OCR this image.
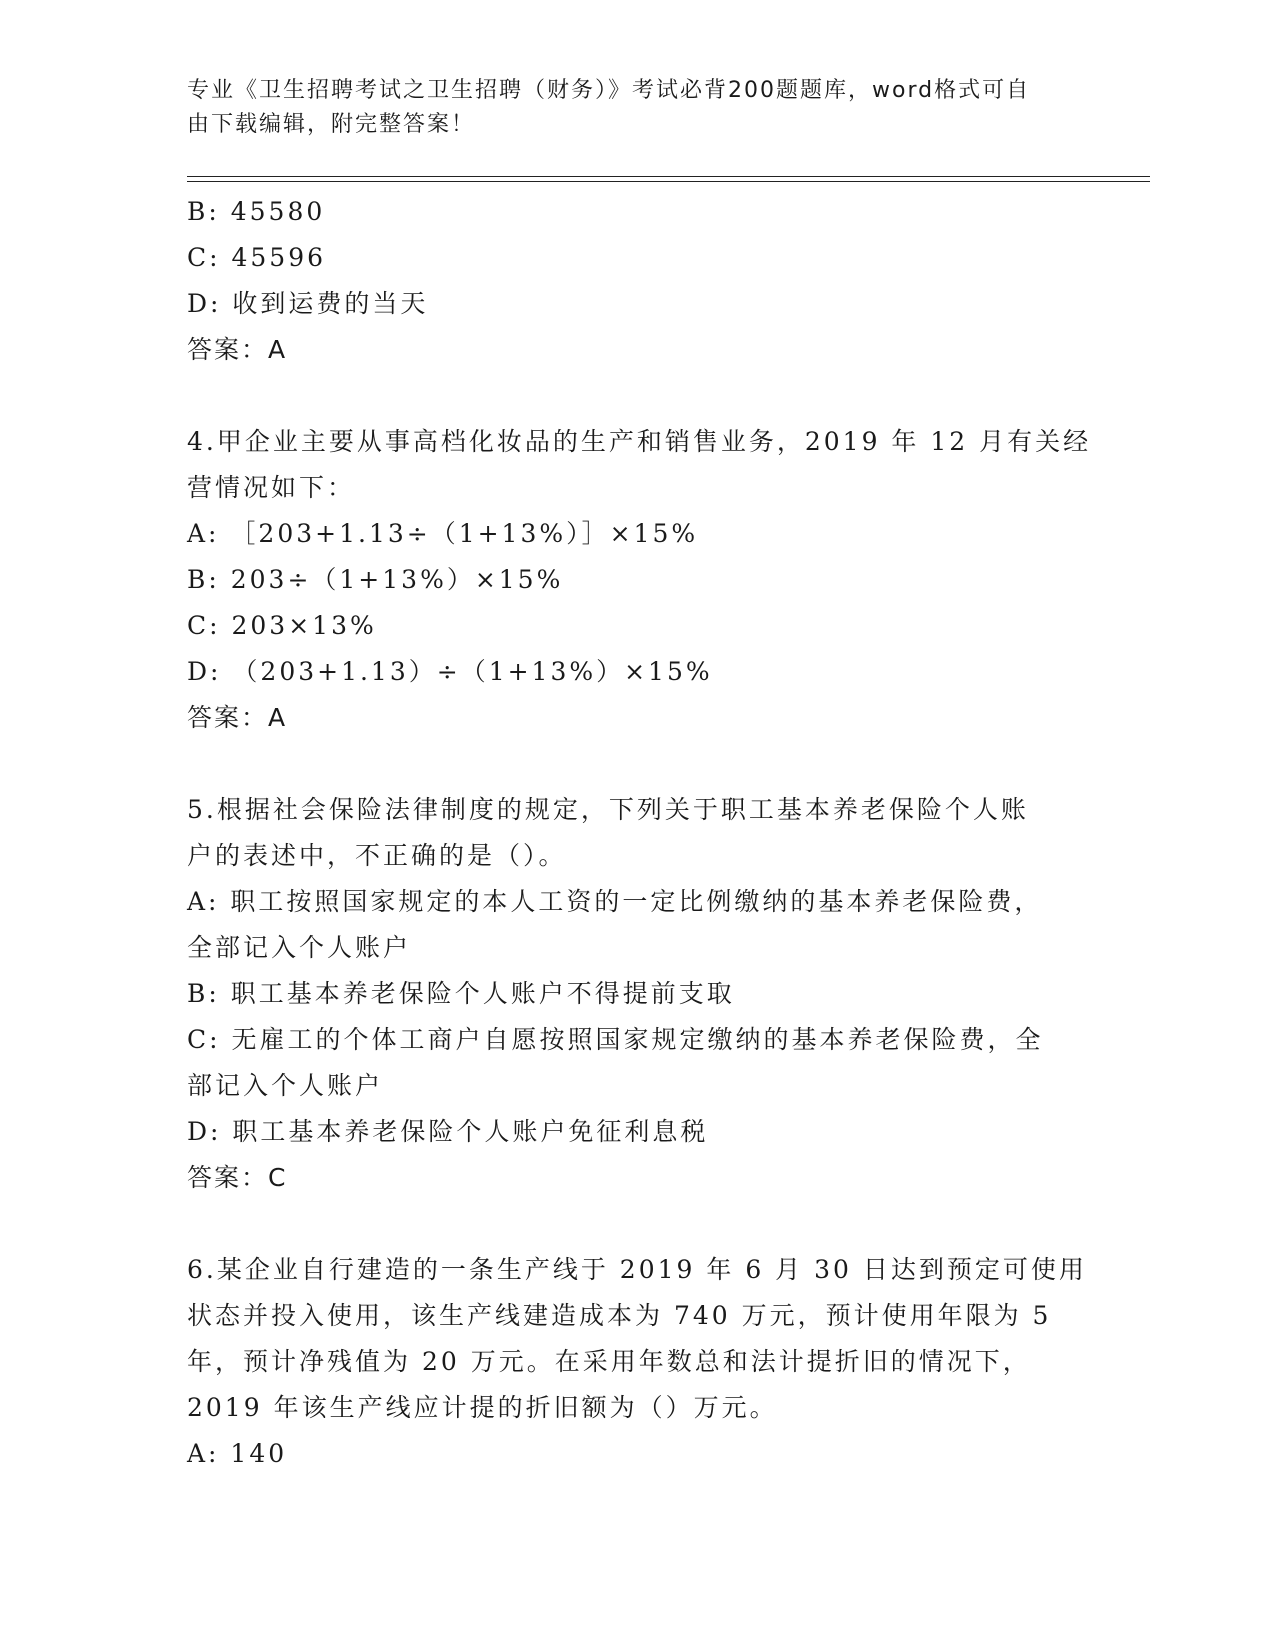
专业《卫生招聘考试之卫生招聘（财务）》考试必背200题题库，word格式可自
由下载编辑，附完整答案！
B: 45580
C: 45596
D: 收到运费的当天
答案：A
4.甲企业主要从事高档化妆品的生产和销售业务，2019 年 12 月有关经
营情况如下：
A: ［203+1.13÷（1+13%）］×15%
B: 203÷（1+13%）×15%
C: 203×13%
D: （203+1.13）÷（1+13%）×15%
答案：A
5.根据社会保险法律制度的规定，下列关于职工基本养老保险个人账
户的表述中，不正确的是（）。
A: 职工按照国家规定的本人工资的一定比例缴纳的基本养老保险费，
全部记入个人账户
B: 职工基本养老保险个人账户不得提前支取
C: 无雇工的个体工商户自愿按照国家规定缴纳的基本养老保险费，全
部记入个人账户
D: 职工基本养老保险个人账户免征利息税
答案：C
6.某企业自行建造的一条生产线于 2019 年 6 月 30 日达到预定可使用
状态并投入使用，该生产线建造成本为 740 万元，预计使用年限为 5
年，预计净残值为 20 万元。在采用年数总和法计提折旧的情况下，
2019 年该生产线应计提的折旧额为（）万元。
A: 140
